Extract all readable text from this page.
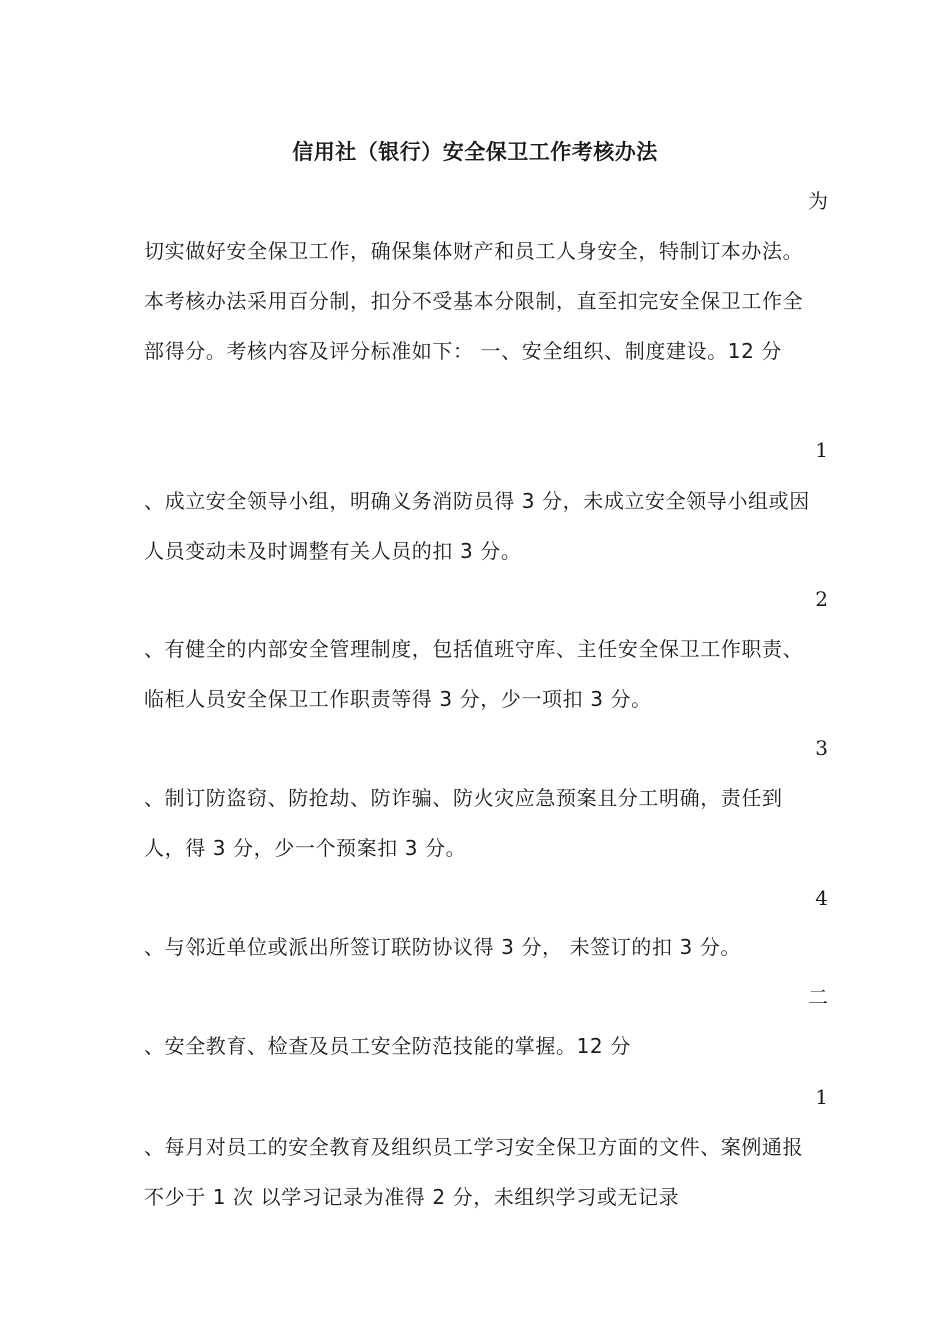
信用社（银行）安全保卫工作考核办法
为

切实做好安全保卫工作，确保集体财产和员工人身安全，特制订本办法。本考核办法采用百分制，扣分不受基本分限制，直至扣完安全保卫工作全部得分。考核内容及评分标准如下： 一、安全组织、制度建设。12 分

1

、成立安全领导小组，明确义务消防员得 3 分，未成立安全领导小组或因人员变动未及时调整有关人员的扣 3 分。

2

、有健全的内部安全管理制度，包括值班守库、主任安全保卫工作职责、临柜人员安全保卫工作职责等得 3 分，少一项扣 3 分。

3

、制订防盗窃、防抢劫、防诈骗、防火灾应急预案且分工明确，责任到人，得 3 分，少一个预案扣 3 分。

4

、与邻近单位或派出所签订联防协议得 3 分， 未签订的扣 3 分。

二

、安全教育、检查及员工安全防范技能的掌握。12 分

1

、每月对员工的安全教育及组织员工学习安全保卫方面的文件、案例通报不少于 1 次 以学习记录为准得 2 分，未组织学习或无记录
